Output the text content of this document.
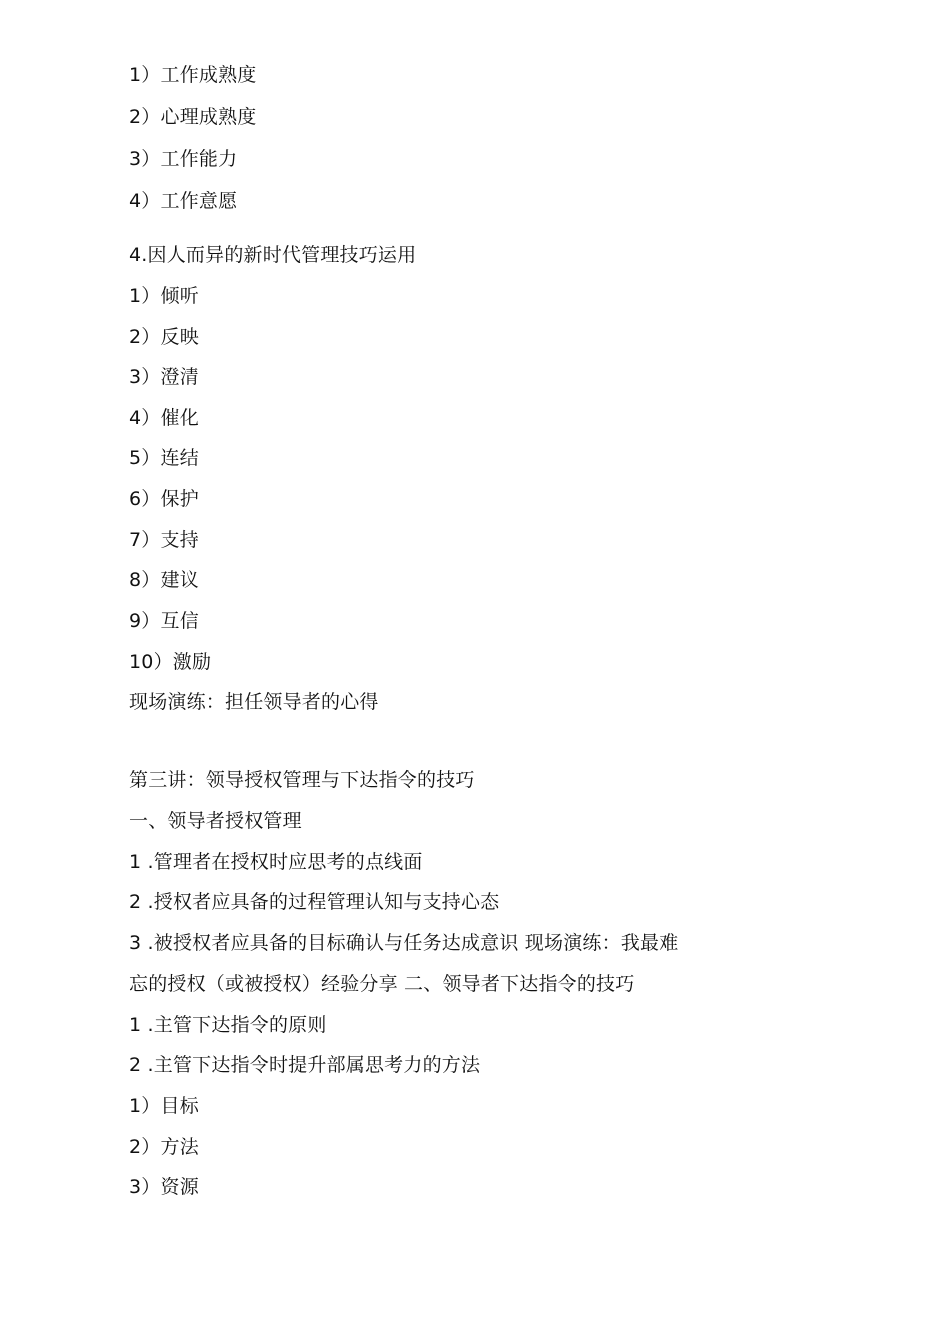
1）工作成熟度
2）心理成熟度
3）工作能力
4）工作意愿
4.因人而异的新时代管理技巧运用
1）倾听
2）反映
3）澄清
4）催化
5）连结
6）保护
7）支持
8）建议
9）互信
10）激励
现场演练：担任领导者的心得
第三讲：领导授权管理与下达指令的技巧
一、领导者授权管理
1 .管理者在授权时应思考的点线面
2 .授权者应具备的过程管理认知与支持心态
3 .被授权者应具备的目标确认与任务达成意识 现场演练：我最难
忘的授权（或被授权）经验分享 二、领导者下达指令的技巧
1 .主管下达指令的原则
2 .主管下达指令时提升部属思考力的方法
1）目标
2）方法
3）资源
